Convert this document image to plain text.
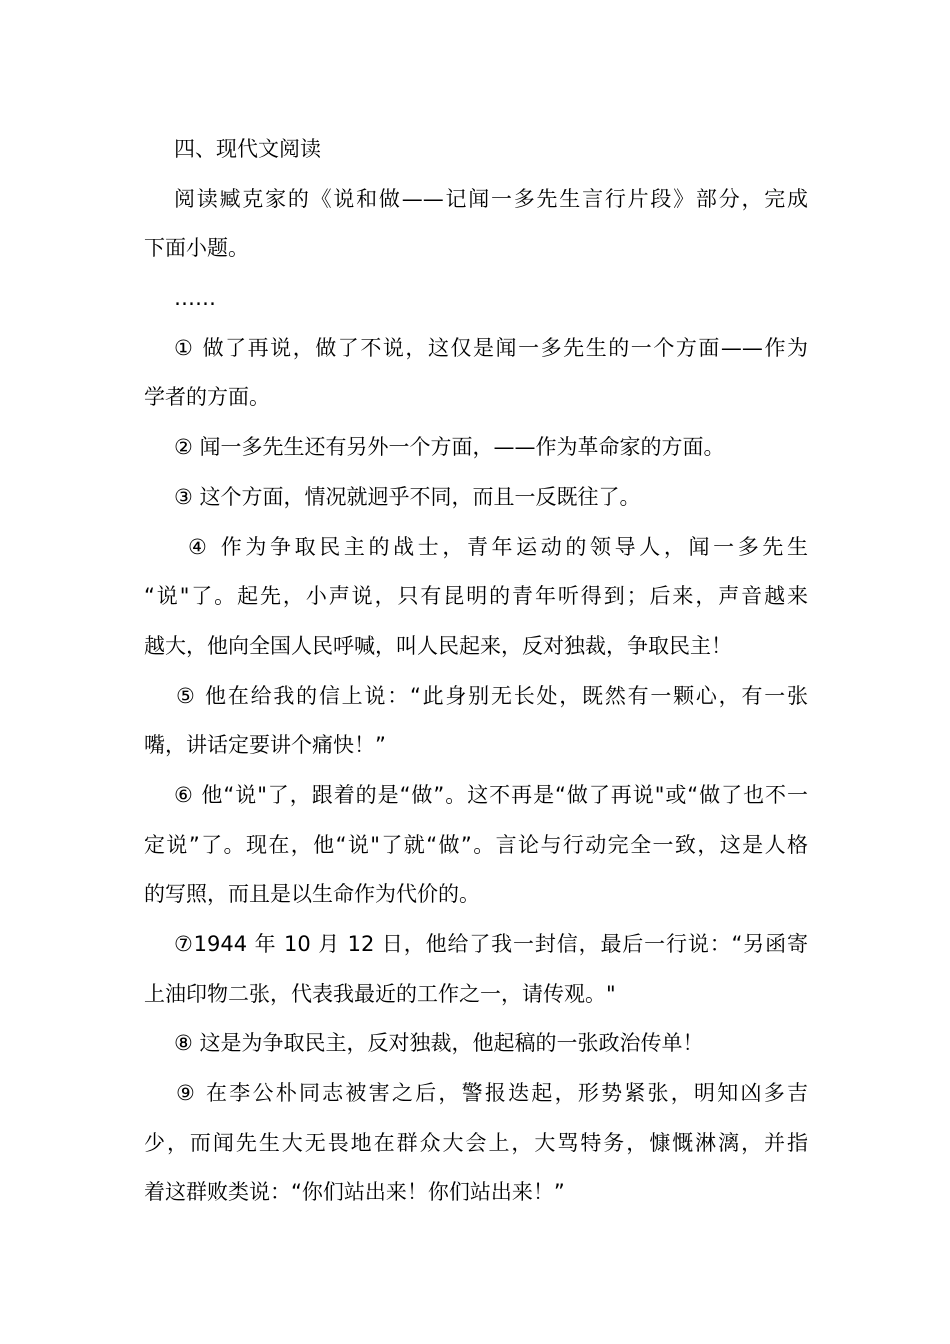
四、现代文阅读
阅读臧克家的《说和做——记闻一多先生言行片段》部分，完成
下面小题。
……
① 做了再说，做了不说，这仅是闻一多先生的一个方面——作为
学者的方面。
② 闻一多先生还有另外一个方面，——作为革命家的方面。
③ 这个方面，情况就迥乎不同，而且一反既往了。
④ 作为争取民主的战士，青年运动的领导人，闻一多先生
“说"了。起先，小声说，只有昆明的青年听得到；后来，声音越来
越大，他向全国人民呼喊，叫人民起来，反对独裁，争取民主！
⑤ 他在给我的信上说：“此身别无长处，既然有一颗心，有一张
嘴，讲话定要讲个痛快！”
⑥ 他“说"了，跟着的是“做”。这不再是“做了再说"或“做了也不一
定说”了。现在，他“说"了就“做”。言论与行动完全一致，这是人格
的写照，而且是以生命作为代价的。
⑦1944 年 10 月 12 日，他给了我一封信，最后一行说：“另函寄
上油印物二张，代表我最近的工作之一，请传观。"
⑧ 这是为争取民主，反对独裁，他起稿的一张政治传单！
⑨ 在李公朴同志被害之后，警报迭起，形势紧张，明知凶多吉
少，而闻先生大无畏地在群众大会上，大骂特务，慷慨淋漓，并指
着这群败类说：“你们站出来！你们站出来！”
